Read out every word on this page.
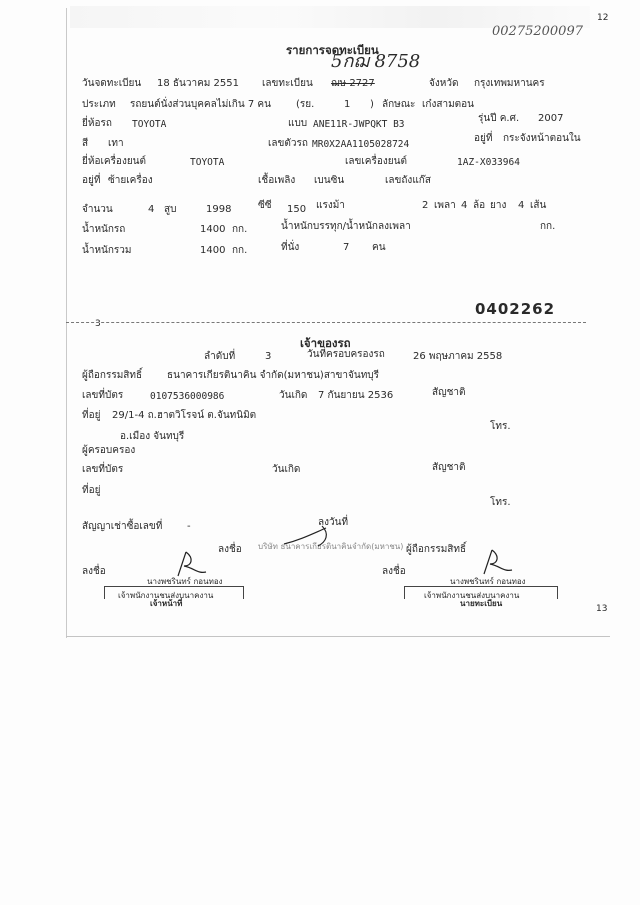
00275200097
12
รายการจดทะเบียน
วันจดทะเบียน 18 ธันวาคม 2551 เลขทะเบียน
5กฌ 8758
ฌษ 2727	จังหวัด กรุงเทพมหานคร
ประเภท รถยนต์นั่งส่วนบุคคลไม่เกิน 7 คน	(รย.	1 ) ลักษณะ เก๋งสามตอน
ยี่ห้อรถ TOYOTA	แบบ ANE11R-JWPQKT B3
รุ่นปี ค.ศ. 2007
สี เทา	เลขตัวรถ MR0X2AA1105028724
อยู่ที่ กระจังหน้าตอนใน
ยี่ห้อเครื่องยนต์	TOYOTA	เลขเครื่องยนต์	1AZ-X033964
อยู่ที่ ซ้ายเครื่อง	เชื้อเพลิง เบนซิน	เลขถังแก๊ส
จำนวน	4 สูบ	1998	ซีซี 150 แรงม้า	2 เพลา 4 ล้อ ยาง 4 เส้น
น้ำหนักรถ	1400 กก.	น้ำหนักบรรทุก/น้ำหนักลงเพลา	กก.
น้ำหนักรวม	1400 กก.	ที่นั่ง	7 คน
3
0402262
เจ้าของรถ
ลำดับที่	3	วันที่ครอบครองรถ	26 พฤษภาคม 2558
ผู้ถือกรรมสิทธิ์ ธนาคารเกียรตินาคิน จำกัด(มหาชน)สาขาจันทบุรี
เลขที่บัตร	0107536000986	วันเกิด 7 กันยายน 2536	สัญชาติ
ที่อยู่ 29/1-4 ถ.ฮาตวิโรจน์ ต.จันทนิมิต
อ.เมือง จันทบุรี
โทร.
ผู้ครอบครอง
เลขที่บัตร	วันเกิด	สัญชาติ
ที่อยู่
โทร.
สัญญาเช่าซื้อเลขที่ -	ลงวันที่
ลงชื่อ บริษัท ธนาคารเกียรตินาคินจำกัด(มหาชน) ผู้ถือกรรมสิทธิ์
ลงชื่อ
นางพชรินทร์ กอนทอง
เจ้าพนักงานชนส่งบนาคงาน
เจ้าหน้าที่
ลงชื่อ
นางพชรินทร์ กอนทอง
เจ้าพนักงานชนส่งบนาคงาน
นายทะเบียน
13
